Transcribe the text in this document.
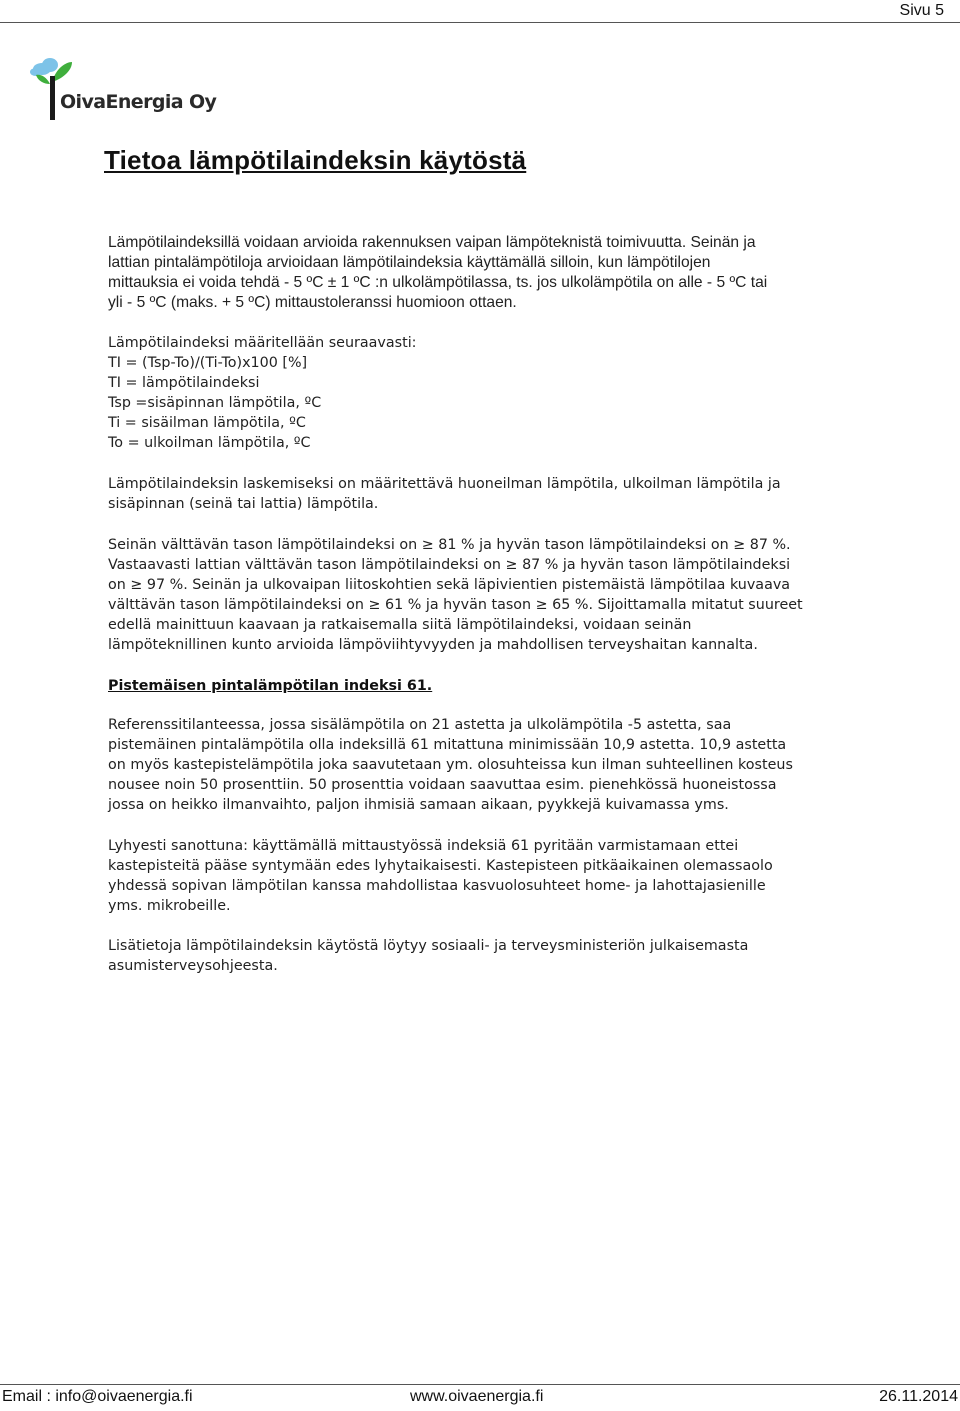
Sivu 5
OivaEnergia Oy
Tietoa lämpötilaindeksin käytöstä

Lämpötilaindeksillä voidaan arvioida rakennuksen vaipan lämpöteknistä toimivuutta. Seinän ja
lattian pintalämpötiloja arvioidaan lämpötilaindeksia käyttämällä silloin, kun lämpötilojen
mittauksia ei voida tehdä - 5 ºC ± 1 ºC :n ulkolämpötilassa, ts. jos ulkolämpötila on alle - 5 ºC tai
yli - 5 ºC (maks. + 5 ºC) mittaustoleranssi huomioon ottaen.

Lämpötilaindeksi määritellään seuraavasti:
TI = (Tsp-To)/(Ti-To)x100 [%]
TI = lämpötilaindeksi
Tsp =sisäpinnan lämpötila, ºC
Ti = sisäilman lämpötila, ºC
To = ulkoilman lämpötila, ºC

Lämpötilaindeksin laskemiseksi on määritettävä huoneilman lämpötila, ulkoilman lämpötila ja
sisäpinnan (seinä tai lattia) lämpötila.

Seinän välttävän tason lämpötilaindeksi on ≥ 81 % ja hyvän tason lämpötilaindeksi on ≥ 87 %.
Vastaavasti lattian välttävän tason lämpötilaindeksi on ≥ 87 % ja hyvän tason lämpötilaindeksi
on ≥ 97 %. Seinän ja ulkovaipan liitoskohtien sekä läpivientien pistemäistä lämpötilaa kuvaava
välttävän tason lämpötilaindeksi on ≥ 61 % ja hyvän tason ≥ 65 %. Sijoittamalla mitatut suureet
edellä mainittuun kaavaan ja ratkaisemalla siitä lämpötilaindeksi, voidaan seinän
lämpöteknillinen kunto arvioida lämpöviihtyvyyden ja mahdollisen terveyshaitan kannalta.

Pistemäisen pintalämpötilan indeksi 61.

Referenssitilanteessa, jossa sisälämpötila on 21 astetta ja ulkolämpötila -5 astetta, saa
pistemäinen pintalämpötila olla indeksillä 61 mitattuna minimissään 10,9 astetta. 10,9 astetta
on myös kastepistelämpötila joka saavutetaan ym. olosuhteissa kun ilman suhteellinen kosteus
nousee noin 50 prosenttiin. 50 prosenttia voidaan saavuttaa esim. pienehkössä huoneistossa
jossa on heikko ilmanvaihto, paljon ihmisiä samaan aikaan, pyykkejä kuivamassa yms.

Lyhyesti sanottuna: käyttämällä mittaustyössä indeksiä 61 pyritään varmistamaan ettei
kastepisteitä pääse syntymään edes lyhytaikaisesti. Kastepisteen pitkäaikainen olemassaolo
yhdessä sopivan lämpötilan kanssa mahdollistaa kasvuolosuhteet home- ja lahottajasienille
yms. mikrobeille.

Lisätietoja lämpötilaindeksin käytöstä löytyy sosiaali- ja terveysministeriön julkaisemasta
asumisterveysohjeesta.

Email : info@oivaenergia.fi	www.oivaenergia.fi	26.11.2014
